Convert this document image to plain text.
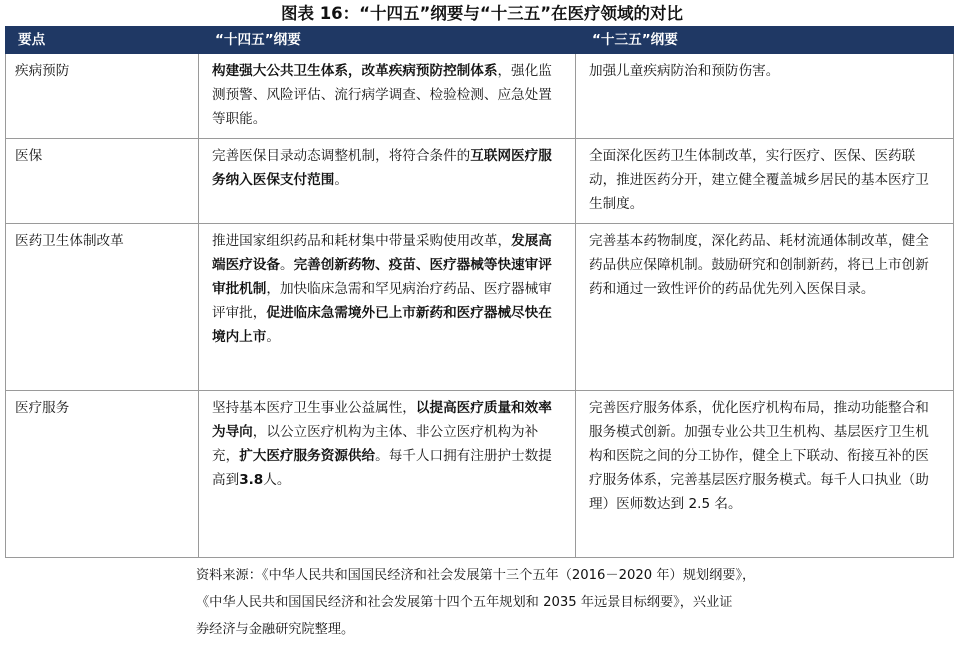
图表 16：“十四五”纲要与“十三五”在医疗领域的对比
要点	“十四五”纲要	“十三五”纲要
疾病预防	构建强大公共卫生体系，改革疾病预防控制体系，强化监测预警、风险评估、流行病学调查、检验检测、应急处置等职能。	加强儿童疾病防治和预防伤害。
医保	完善医保目录动态调整机制，将符合条件的互联网医疗服务纳入医保支付范围。	全面深化医药卫生体制改革，实行医疗、医保、医药联动，推进医药分开，建立健全覆盖城乡居民的基本医疗卫生制度。
医药卫生体制改革	推进国家组织药品和耗材集中带量采购使用改革，发展高端医疗设备。完善创新药物、疫苗、医疗器械等快速审评审批机制，加快临床急需和罕见病治疗药品、医疗器械审评审批，促进临床急需境外已上市新药和医疗器械尽快在境内上市。	完善基本药物制度，深化药品、耗材流通体制改革，健全药品供应保障机制。鼓励研究和创制新药，将已上市创新药和通过一致性评价的药品优先列入医保目录。
医疗服务	坚持基本医疗卫生事业公益属性，以提高医疗质量和效率为导向，以公立医疗机构为主体、非公立医疗机构为补充，扩大医疗服务资源供给。每千人口拥有注册护士数提高到3.8人。	完善医疗服务体系，优化医疗机构布局，推动功能整合和服务模式创新。加强专业公共卫生机构、基层医疗卫生机构和医院之间的分工协作，健全上下联动、衔接互补的医疗服务体系，完善基层医疗服务模式。每千人口执业（助理）医师数达到 2.5 名。
资料来源：《中华人民共和国国民经济和社会发展第十三个五年（2016－2020 年）规划纲要》，
《中华人民共和国国民经济和社会发展第十四个五年规划和 2035 年远景目标纲要》，兴业证
券经济与金融研究院整理。
